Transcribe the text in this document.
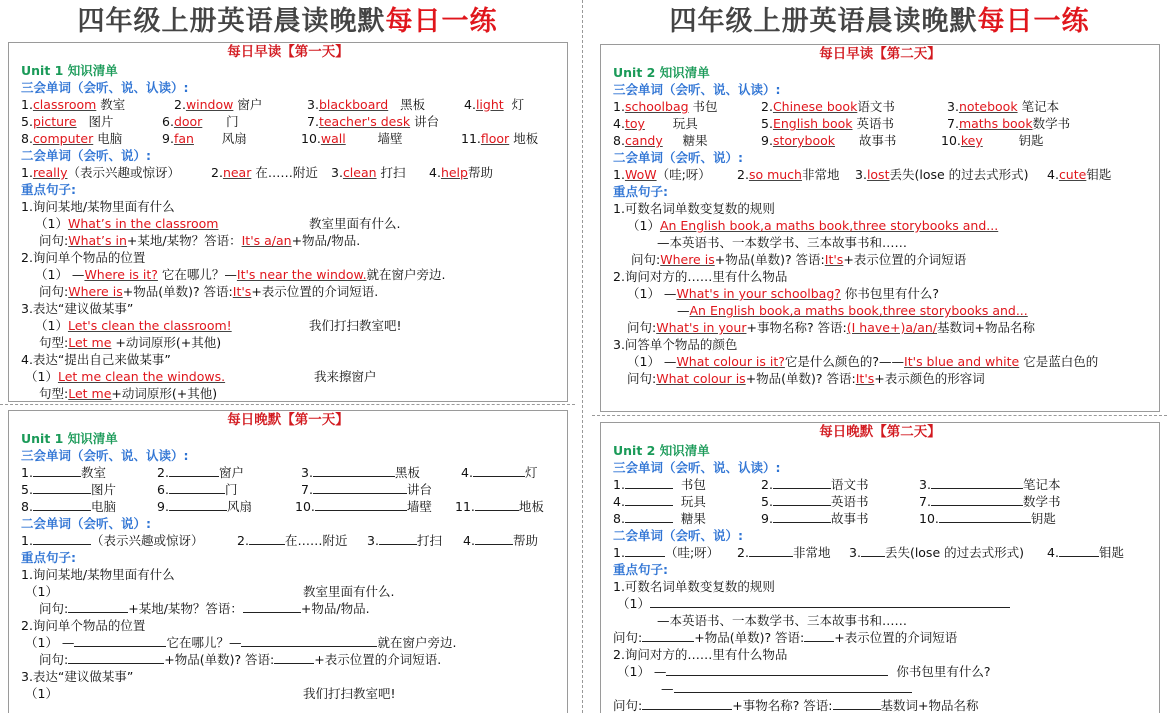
四年级上册英语晨读晚默每日一练
每日早读【第一天】
Unit 1 知识清单
三会单词（会听、说、认读）:
1.classroom 教室	2.window 窗户	3.blackboard 黑板	4.light 灯
5.picture 图片	6.door 门	7.teacher's desk 讲台
8.computer 电脑	9.fan 风扇	10.wall	墙壁	11.floor 地板
二会单词（会听、说）:
1.really（表示兴趣或惊讶） 2.near 在……附近 3.clean 打扫 4.help帮助
重点句子:
1.询问某地/某物里面有什么
（1）What’s in the classroom	教室里面有什么.
问句:What’s in+某地/某物？答语：It's a/an+物品/物品.
2.询问单个物品的位置
（1） —Where is it? 它在哪儿？—It's near the window.就在窗户旁边.
问句:Where is+物品(单数)? 答语:It's+表示位置的介词短语.
3.表达“建议做某事”
（1）Let's clean the classroom!	我们打扫教室吧!
句型:Let me +动词原形(+其他)
4.表达“提出自己来做某事”
（1）Let me clean the windows.	我来擦窗户
句型:Let me+动词原形(+其他)
每日晚默【第一天】
Unit 1 知识清单
三会单词（会听、说、认读）:
1.	教室	2.	窗户	3.	黑板	4.	灯
5.	图片	6.	门	7.	讲台
8.	电脑	9.	风扇	10.	墙壁 11.	地板
二会单词（会听、说）:
1.	（表示兴趣或惊讶）	2.	在……附近 3.	打扫 4.	帮助
重点句子:
1.询问某地/某物里面有什么
（1）	教室里面有什么.
问句:	+某地/某物？答语：	+物品/物品.
2.询问单个物品的位置
（1） —	它在哪儿？—	就在窗户旁边.
问句:	+物品(单数)? 答语:	+表示位置的介词短语.
3.表达“建议做某事”
（1）	我们打扫教室吧!
四年级上册英语晨读晚默每日一练
每日早读【第二天】
Unit 2 知识清单
三会单词（会听、说、认读）:
1.schoolbag 书包	2.Chinese book语文书	3.notebook 笔记本
4.toy 玩具	5.English book 英语书	7.maths book数学书
8.candy 糖果	9.storybook 故事书	10.key	钥匙
二会单词（会听、说）:
1.WoW（哇;呀） 2.so much非常地 3.lost丢失(lose 的过去式形式) 4.cute钼匙
重点句子:
1.可数名词单数变复数的规则
（1）An English book,a maths book,three storybooks and...
—本英语书、一本数学书、三本故事书和……
问句:Where is+物品(单数)? 答语:It's+表示位置的介词短语
2.询问对方的……里有什么物品
（1） —What's in your schoolbag? 你书包里有什么?
—An English book,a maths book,three storybooks and...
问句:What's in your+事物名称? 答语:(I have+)a/an/基数词+物品名称
3.问答单个物品的颜色
（1） —What colour is it?它是什么颜色的?——It's blue and white 它是蓝白色的
问句:What colour is+物品(单数)? 答语:It's+表示颜色的形容词
每日晚默【第二天】
Unit 2 知识清单
三会单词（会听、说、认读）:
1.	书包	2.	语文书	3.	笔记本
4.	玩具	5.	英语书	7.	数学书
8.	糖果	9.	故事书	10.	钥匙
二会单词（会听、说）:
1.	（哇;呀） 2.	非常地 3. 丢失(lose 的过去式形式) 4.	钼匙
重点句子:
1.可数名词单数变复数的规则
（1）
—本英语书、一本数学书、三本故事书和……
问句:	+物品(单数)? 答语: +表示位置的介词短语
2.询问对方的……里有什么物品
（1） —	你书包里有什么?
—
问句:	+事物名称? 答语:	基数词+物品名称
